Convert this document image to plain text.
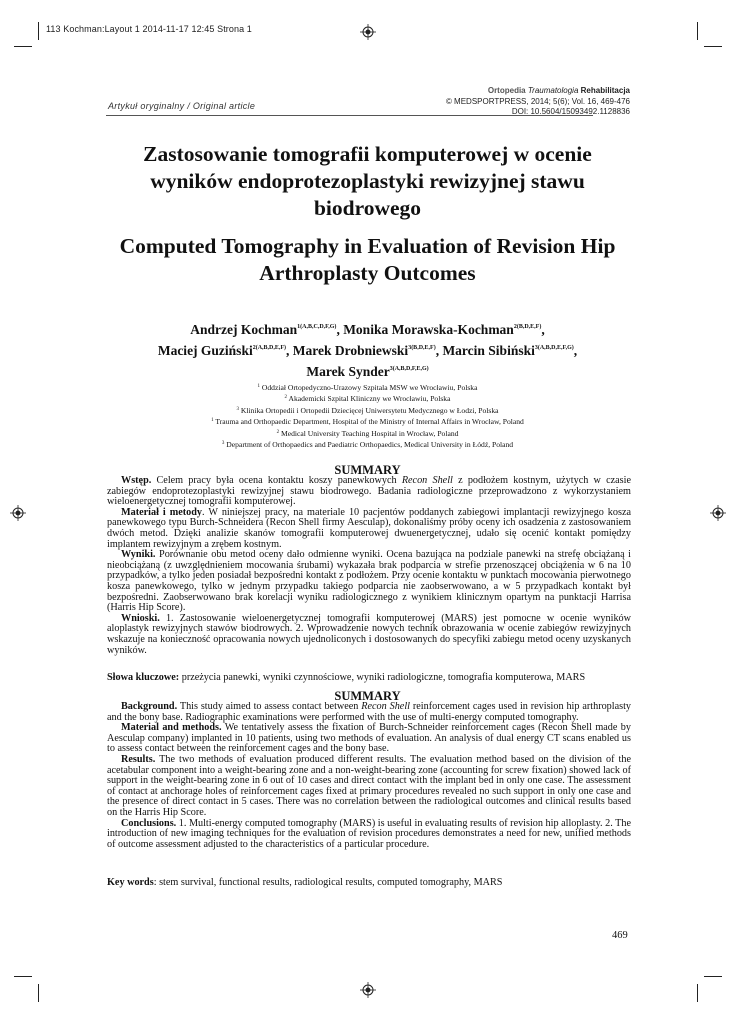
113 Kochman:Layout 1 2014-11-17 12:45 Strona 1
Ortopedia Traumatologia Rehabilitacja
© MEDSPORTPRESS, 2014; 5(6); Vol. 16, 469-476
DOI: 10.5604/15093492.1128836
Artykuł oryginalny / Original article
Zastosowanie tomografii komputerowej w ocenie wyników endoprotezoplastyki rewizyjnej stawu biodrowego
Computed Tomography in Evaluation of Revision Hip Arthroplasty Outcomes
Andrzej Kochman$^{1(A,B,C,D,F,G)}$, Monika Morawska-Kochman$^{2(B,D,E,F)}$,
Maciej Guziński$^{2(A,B,D,E,F)}$, Marek Drobniewski$^{3(B,D,E,F)}$, Marcin Sibiński$^{3(A,B,D,E,F,G)}$,
Marek Synder$^{3(A,B,D,F,E,G)}$
$^1$ Oddział Ortopedyczno-Urazowy Szpitala MSW we Wrocławiu, Polska
$^2$ Akademicki Szpital Kliniczny we Wrocławiu, Polska
$^3$ Klinika Ortopedii i Ortopedii Dziecięcej Uniwersytetu Medycznego w Łodzi, Polska
$^1$ Trauma and Orthopaedic Department, Hospital of the Ministry of Internal Affairs in Wrocław, Poland
$^2$ Medical University Teaching Hospital in Wrocław, Poland
$^3$ Department of Orthopaedics and Paediatric Orthopaedics, Medical University in Łódź, Poland
SUMMARY

Wstęp. Celem pracy była ocena kontaktu koszy panewkowych Recon Shell z podłożem kostnym, użytych w czasie zabiegów endoprotezoplastyki rewizyjnej stawu biodrowego. Badania radiologiczne przeprowadzono z wykorzystaniem wieloenergetycznej tomografii komputerowej.

Materiał i metody. W niniejszej pracy, na materiale 10 pacjentów poddanych zabiegowi implantacji rewizyjnego kosza panewkowego typu Burch-Schneidera (Recon Shell firmy Aesculap), dokonaliśmy próby oceny ich osadzenia z zastosowaniem dwóch metod. Dzięki analizie skanów tomografii komputerowej dwuenergetycznej, udało się ocenić kontakt pomiędzy implantem rewizyjnym a zrębem kostnym.

Wyniki. Porównanie obu metod oceny dało odmienne wyniki. Ocena bazująca na podziale panewki na strefę obciążaną i nieobciążaną (z uwzględnieniem mocowania śrubami) wykazała brak podparcia w strefie przenoszącej obciążenia w 6 na 10 przypadków, a tylko jeden posiadał bezpośredni kontakt z podłożem. Przy ocenie kontaktu w punktach mocowania pierwotnego kosza panewkowego, tylko w jednym przypadku takiego podparcia nie zaobserwowano, a w 5 przypadkach kontakt był bezpośredni. Zaobserwowano brak korelacji wyniku radiologicznego z wynikiem klinicznym opartym na punktacji Harrisa (Harris Hip Score).

Wnioski. 1. Zastosowanie wieloenergetycznej tomografii komputerowej (MARS) jest pomocne w ocenie wyników aloplastyk rewizyjnych stawów biodrowych. 2. Wprowadzenie nowych technik obrazowania w ocenie zabiegów rewizyjnych wskazuje na konieczność opracowania nowych ujednoliconych i dostosowanych do specyfiki zabiegu metod oceny uzyskanych wyników.

Słowa kluczowe: przeżycia panewki, wyniki czynnościowe, wyniki radiologiczne, tomografia komputerowa, MARS
SUMMARY

Background. This study aimed to assess contact between Recon Shell reinforcement cages used in revision hip arthroplasty and the bony base. Radiographic examinations were performed with the use of multi-energy computed tomography.

Material and methods. We tentatively assess the fixation of Burch-Schneider reinforcement cages (Recon Shell made by Aesculap company) implanted in 10 patients, using two methods of evaluation. An analysis of dual energy CT scans enabled us to assess contact between the reinforcement cages and the bony base.

Results. The two methods of evaluation produced different results. The evaluation method based on the division of the acetabular component into a weight-bearing zone and a non-weight-bearing zone (accounting for screw fixation) showed lack of support in the weight-bearing zone in 6 out of 10 cases and direct contact with the implant bed in only one case. The assessment of contact at anchorage holes of reinforcement cages fixed at primary procedures revealed no such support in only one case and the presence of direct contact in 5 cases. There was no correlation between the radiological outcomes and clinical results based on the Harris Hip Score.

Conclusions. 1. Multi-energy computed tomography (MARS) is useful in evaluating results of revision hip alloplasty. 2. The introduction of new imaging techniques for the evaluation of revision procedures demonstrates a need for new, unified methods of outcome assessment adjusted to the characteristics of a particular procedure.

Key words: stem survival, functional results, radiological results, computed tomography, MARS
469
